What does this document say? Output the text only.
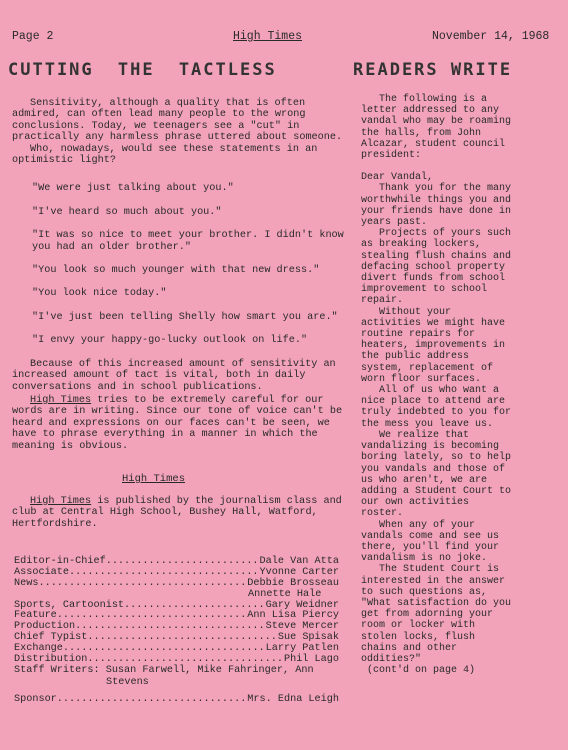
Page 2	High Times	November 14, 1968
CUTTING THE TACTLESS	READERS WRITE

Sensitivity, although a quality that is often admired, can often lead many people to the wrong conclusions. Today, we teenagers see a "cut" in practically any harmless phrase uttered about someone.

Who, nowadays, would see these statements in an optimistic light?

"We were just talking about you."

"I've heard so much about you."

"It was so nice to meet your brother. I didn't know you had an older brother."

"You look so much younger with that new dress."

"You look nice today."

"I've just been telling Shelly how smart you are."

"I envy your happy-go-lucky outlook on life."

Because of this increased amount of sensitivity an increased amount of tact is vital, both in daily conversations and in school publications.

High Times tries to be extremely careful for our words are in writing. Since our tone of voice can't be heard and expressions on our faces can't be seen, we have to phrase everything in a manner in which the meaning is obvious.

High Times

High Times is published by the journalism class and club at Central High School, Bushey Hall, Watford, Hertfordshire.

Editor-in-Chief .....	Dale Van Atta
Associate .....	Yvonne Carter
News .....	Debbie Brosseau
Annette Hale
Sports, Cartoonist .....	Gary Weidner
Feature .....	Ann Lisa Piercy
Production .....	Steve Mercer
Chief Typist .....	Sue Spisak
Exchange .....	Larry Patlen
Distribution .....	Phil Lago
Staff Writers: Susan Farwell, Mike Fahringer, Ann
Stevens
Sponsor .....	Mrs. Edna Leigh

The following is a letter addressed to any vandal who may be roaming the halls, from John Alcazar, student council president:

Dear Vandal,

Thank you for the many worthwhile things you and your friends have done in years past.

Projects of yours such as breaking lockers, stealing flush chains and defacing school property divert funds from school improvement to school repair.

Without your activities we might have routine repairs for heaters, improvements in the public address system, replacement of worn floor surfaces.

All of us who want a nice place to attend are truly indebted to you for the mess you leave us.

We realize that vandalizing is becoming boring lately, so to help you vandals and those of us who aren't, we are adding a Student Court to our own activities roster.

When any of your vandals come and see us there, you'll find your vandalism is no joke.

The Student Court is interested in the answer to such questions as, "What satisfaction do you get from adorning your room or locker with stolen locks, flush chains and other oddities?"

(cont'd on page 4)
